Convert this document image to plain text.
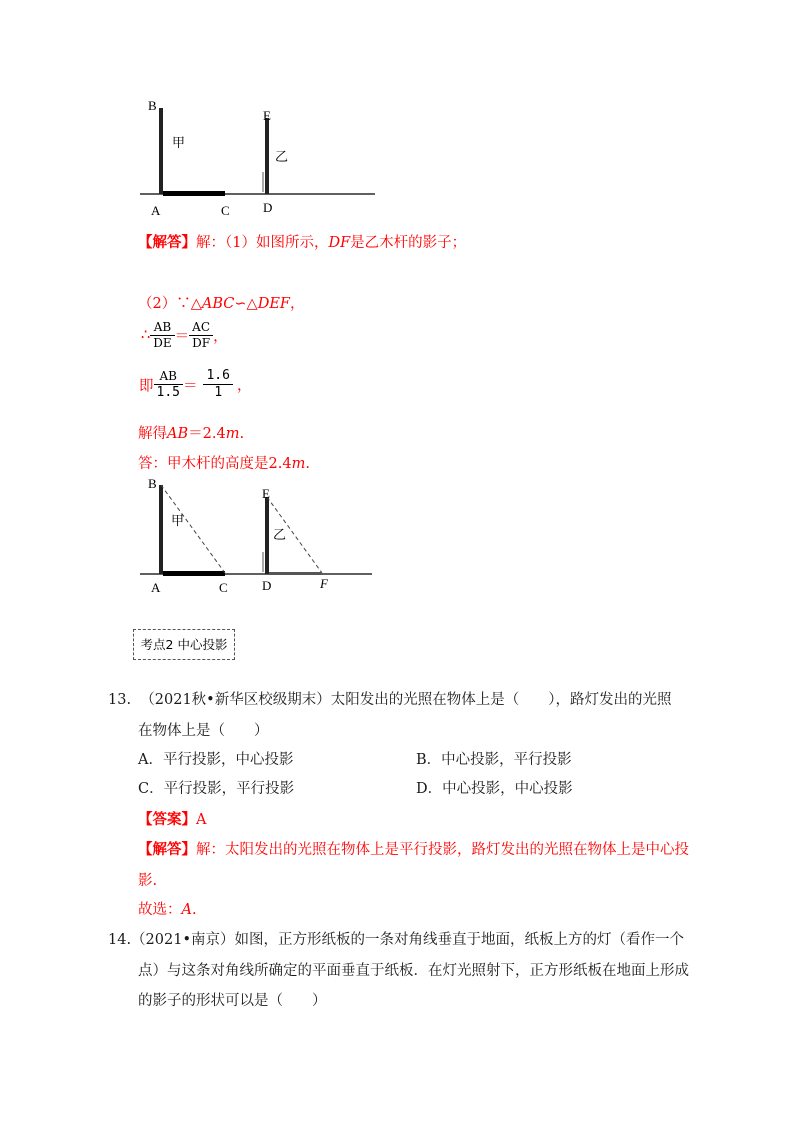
B
甲
A	C
E
乙
D
【解答】解：（1）如图所示，DF是乙木杆的影子；
（2）∵△ABC∽△DEF，
∴ $\frac{AB}{DE} = \frac{AC}{DF}$ ，
即 $\frac{AB}{1.5} = \frac{1.6}{1}$ ，
解得AB＝2.4m.
答：甲木杆的高度是2.4m.
B
甲
A	C
E
乙
D	F
考点2 中心投影
13. （2021秋•新华区校级期末）太阳发出的光照在物体上是（　　），路灯发出的光照
在物体上是（　　）
A．平行投影，中心投影	B．中心投影，平行投影
C．平行投影，平行投影	D．中心投影，中心投影
【答案】A
【解答】解：太阳发出的光照在物体上是平行投影，路灯发出的光照在物体上是中心投
影.
故选：A.
14.（2021•南京）如图，正方形纸板的一条对角线垂直于地面，纸板上方的灯（看作一个
点）与这条对角线所确定的平面垂直于纸板．在灯光照射下，正方形纸板在地面上形成
的影子的形状可以是（　　）
